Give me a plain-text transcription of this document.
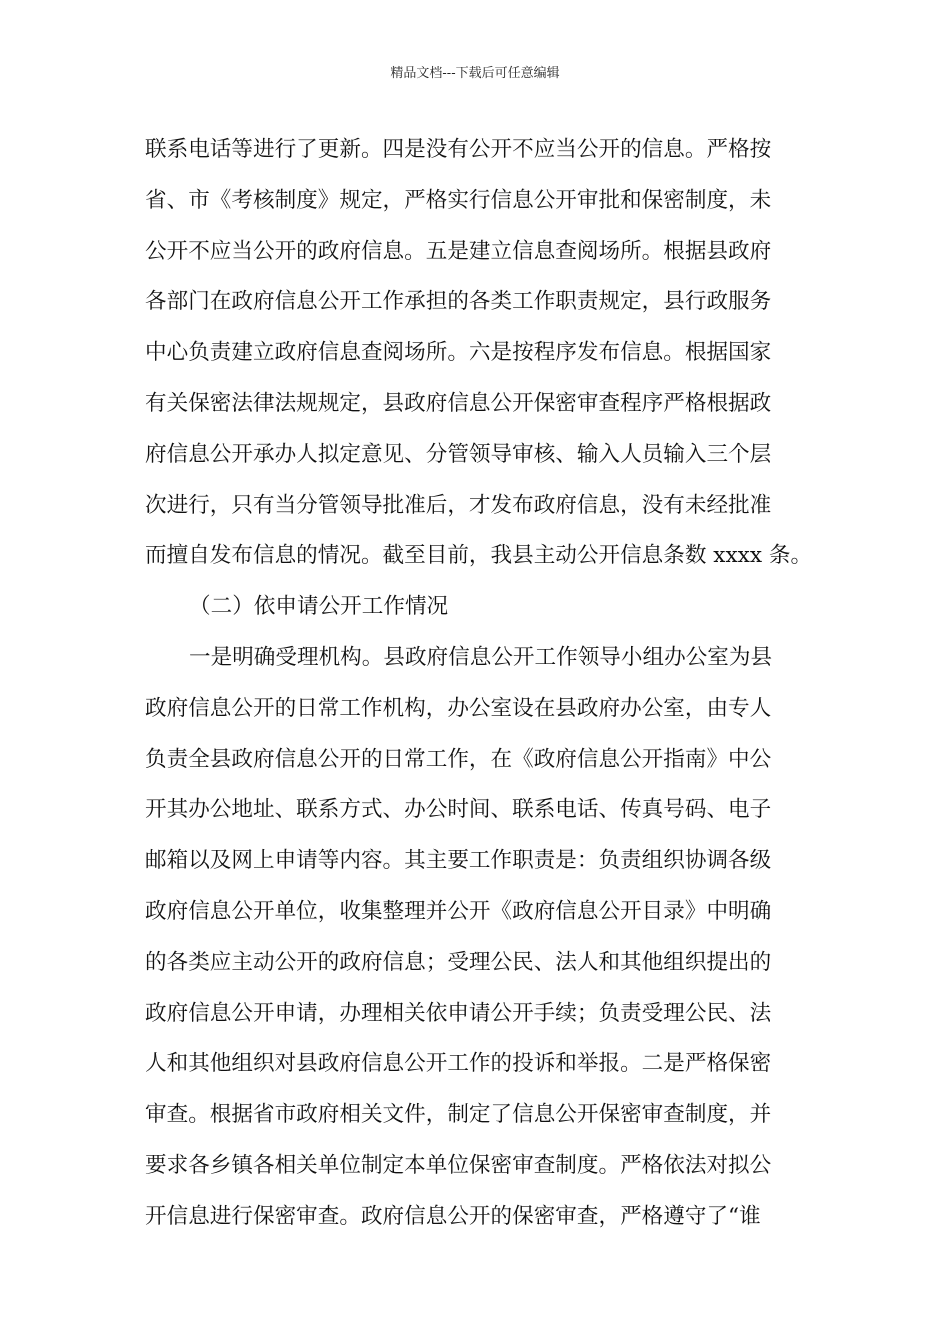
精品文档---下载后可任意编辑
联系电话等进行了更新。四是没有公开不应当公开的信息。严格按
省、市《考核制度》规定，严格实行信息公开审批和保密制度，未
公开不应当公开的政府信息。五是建立信息查阅场所。根据县政府
各部门在政府信息公开工作承担的各类工作职责规定，县行政服务
中心负责建立政府信息查阅场所。六是按程序发布信息。根据国家
有关保密法律法规规定，县政府信息公开保密审查程序严格根据政
府信息公开承办人拟定意见、分管领导审核、输入人员输入三个层
次进行，只有当分管领导批准后，才发布政府信息，没有未经批准
而擅自发布信息的情况。截至目前，我县主动公开信息条数 xxxx 条。
（二）依申请公开工作情况
一是明确受理机构。县政府信息公开工作领导小组办公室为县
政府信息公开的日常工作机构，办公室设在县政府办公室，由专人
负责全县政府信息公开的日常工作，在《政府信息公开指南》中公
开其办公地址、联系方式、办公时间、联系电话、传真号码、电子
邮箱以及网上申请等内容。其主要工作职责是：负责组织协调各级
政府信息公开单位，收集整理并公开《政府信息公开目录》中明确
的各类应主动公开的政府信息；受理公民、法人和其他组织提出的
政府信息公开申请，办理相关依申请公开手续；负责受理公民、法
人和其他组织对县政府信息公开工作的投诉和举报。二是严格保密
审查。根据省市政府相关文件，制定了信息公开保密审查制度，并
要求各乡镇各相关单位制定本单位保密审查制度。严格依法对拟公
开信息进行保密审查。政府信息公开的保密审查，严格遵守了“谁
